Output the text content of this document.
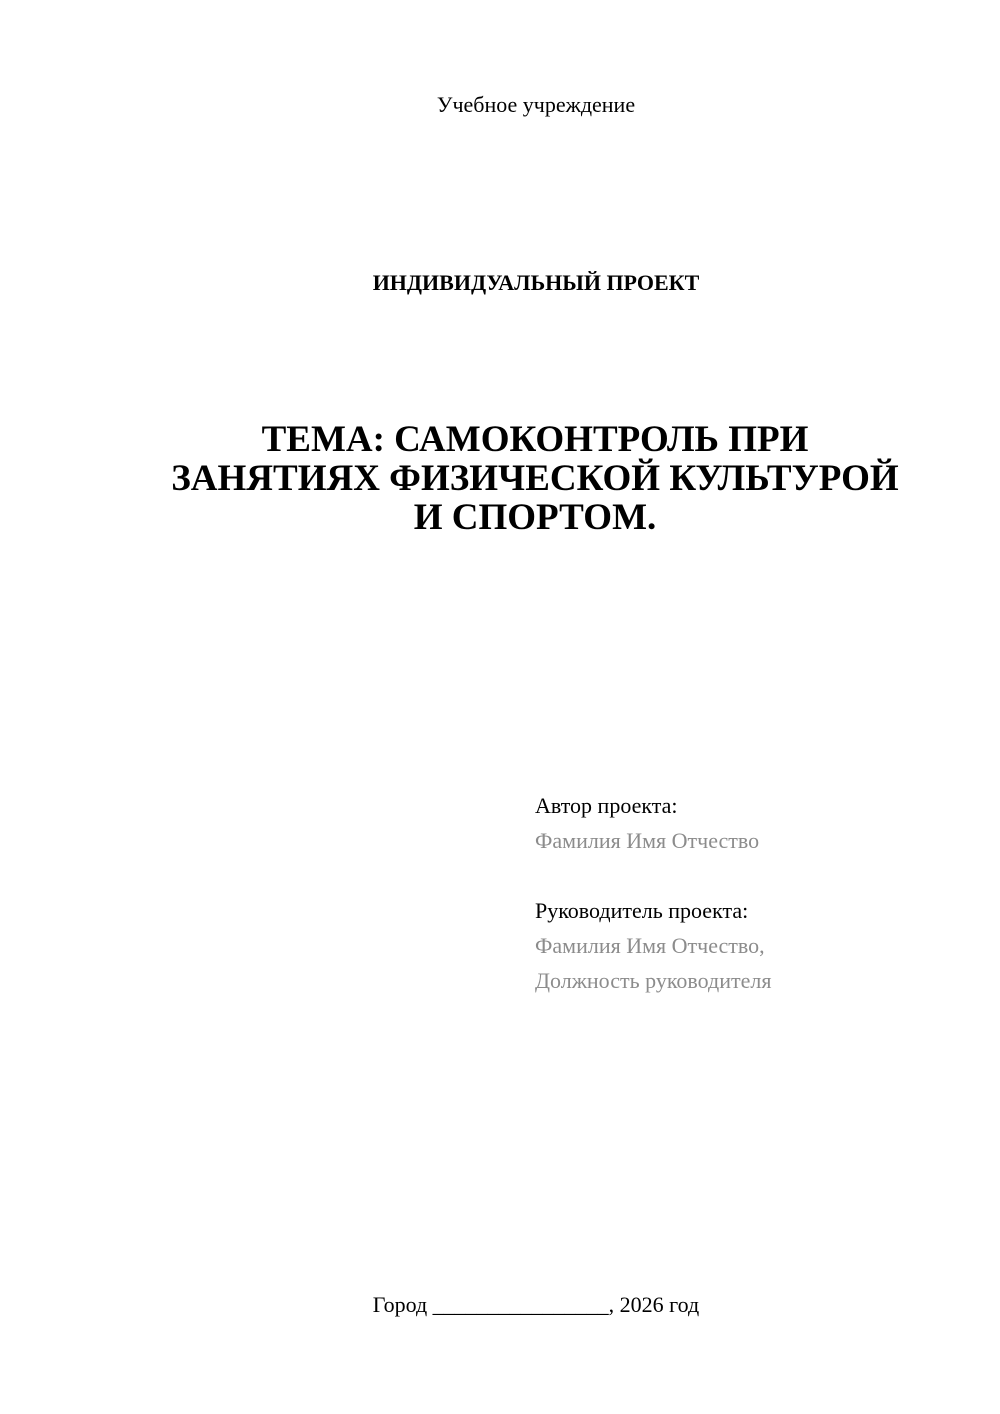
Учебное учреждение
ИНДИВИДУАЛЬНЫЙ ПРОЕКТ
ТЕМА: САМОКОНТРОЛЬ ПРИ
ЗАНЯТИЯХ ФИЗИЧЕСКОЙ КУЛЬТУРОЙ
И СПОРТОМ.
Автор проекта:
Фамилия Имя Отчество
Руководитель проекта:
Фамилия Имя Отчество,
Должность руководителя
Город ________________, 2026 год
